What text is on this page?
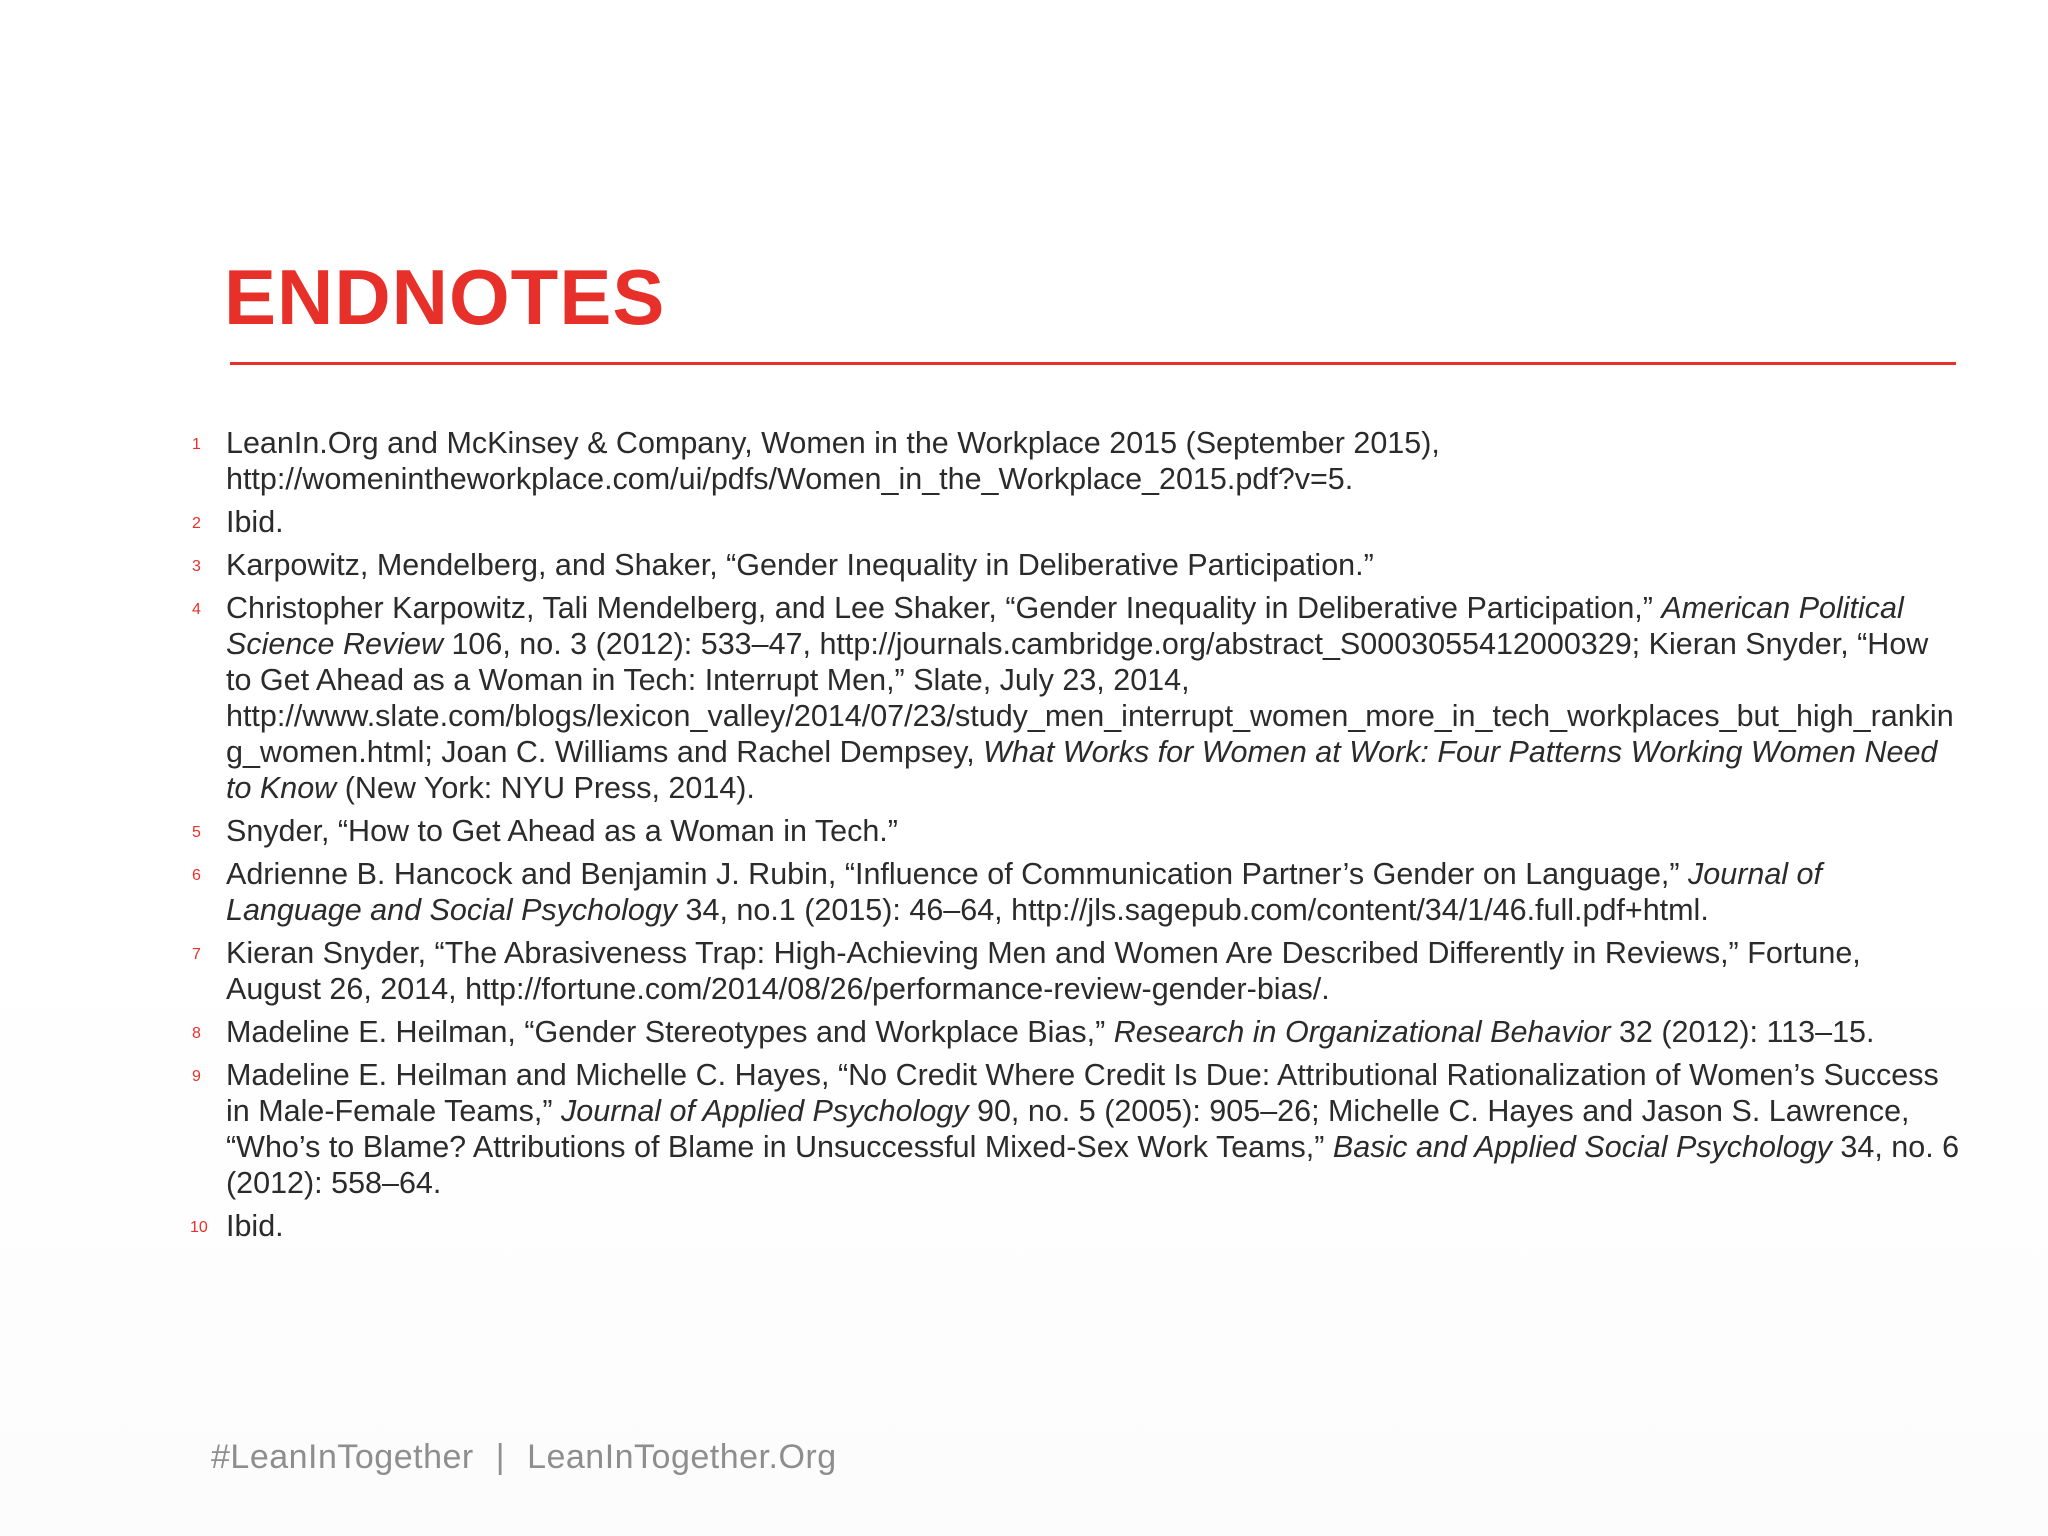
ENDNOTES
1 LeanIn.Org and McKinsey & Company, Women in the Workplace 2015 (September 2015), http://womenintheworkplace.com/ui/pdfs/Women_in_the_Workplace_2015.pdf?v=5.
2 Ibid.
3 Karpowitz, Mendelberg, and Shaker, “Gender Inequality in Deliberative Participation.”
4 Christopher Karpowitz, Tali Mendelberg, and Lee Shaker, “Gender Inequality in Deliberative Participation,” American Political Science Review 106, no. 3 (2012): 533–47, http://journals.cambridge.org/abstract_S0003055412000329; Kieran Snyder, “How to Get Ahead as a Woman in Tech: Interrupt Men,” Slate, July 23, 2014, http://www.slate.com/blogs/lexicon_valley/2014/07/23/study_men_interrupt_women_more_in_tech_workplaces_but_high_ranking_women.html; Joan C. Williams and Rachel Dempsey, What Works for Women at Work: Four Patterns Working Women Need to Know (New York: NYU Press, 2014).
5 Snyder, “How to Get Ahead as a Woman in Tech.”
6 Adrienne B. Hancock and Benjamin J. Rubin, “Influence of Communication Partner’s Gender on Language,” Journal of Language and Social Psychology 34, no.1 (2015): 46–64, http://jls.sagepub.com/content/34/1/46.full.pdf+html.
7 Kieran Snyder, “The Abrasiveness Trap: High-Achieving Men and Women Are Described Differently in Reviews,” Fortune, August 26, 2014, http://fortune.com/2014/08/26/performance-review-gender-bias/.
8 Madeline E. Heilman, “Gender Stereotypes and Workplace Bias,” Research in Organizational Behavior 32 (2012): 113–15.
9 Madeline E. Heilman and Michelle C. Hayes, “No Credit Where Credit Is Due: Attributional Rationalization of Women’s Success in Male-Female Teams,” Journal of Applied Psychology 90, no. 5 (2005): 905–26; Michelle C. Hayes and Jason S. Lawrence, “Who’s to Blame? Attributions of Blame in Unsuccessful Mixed-Sex Work Teams,” Basic and Applied Social Psychology 34, no. 6 (2012): 558–64.
10 Ibid.
#LeanInTogether | LeanInTogether.Org
